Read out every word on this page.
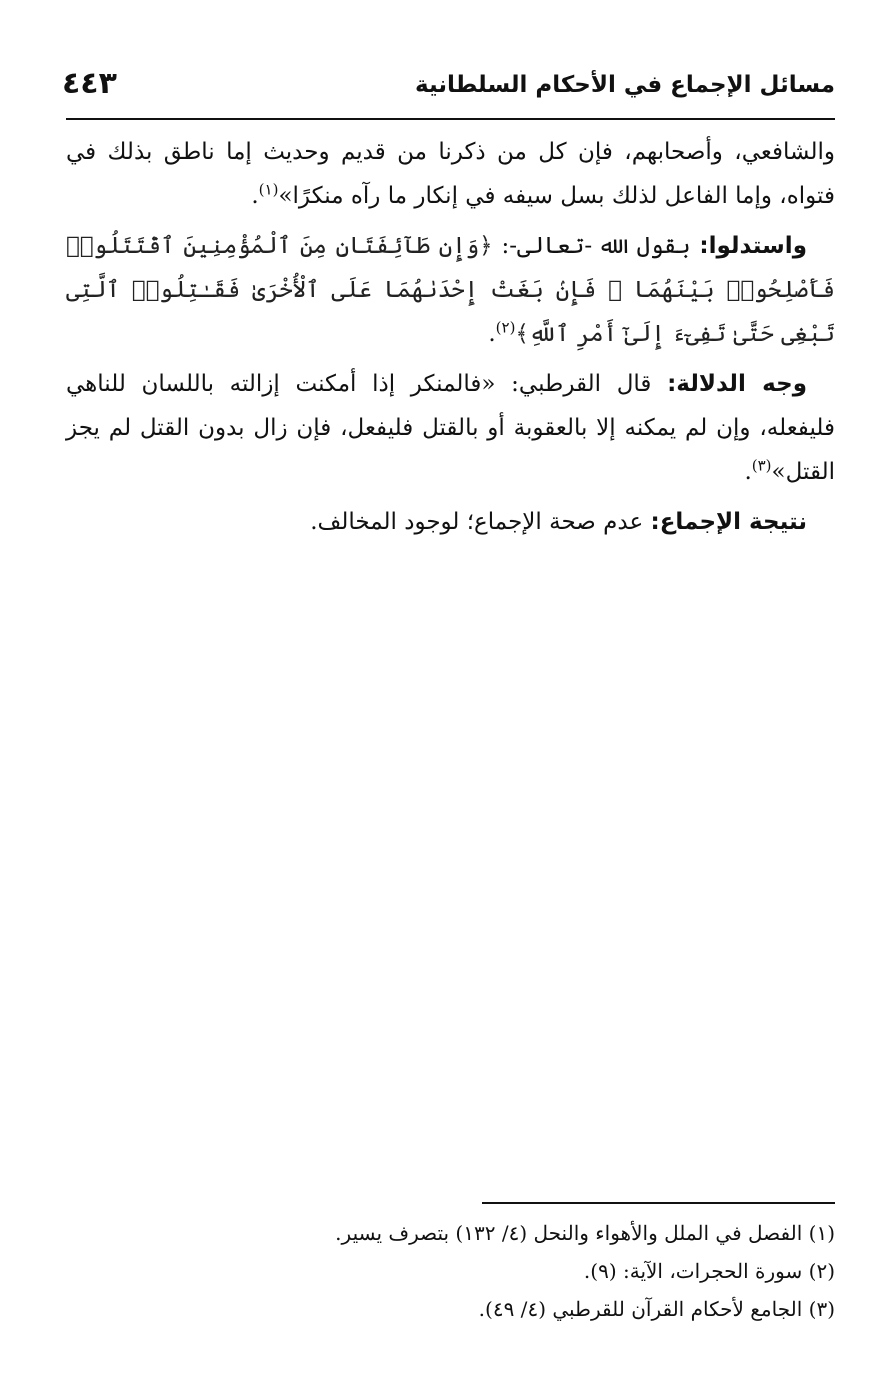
مسائل الإجماع في الأحكام السلطانية
٤٤٣

والشافعي، وأصحابهم، فإن كل من ذكرنا من قديم وحديث إما ناطق بذلك في فتواه، وإما الفاعل لذلك بسل سيفه في إنكار ما رآه منكرًا»$^{(١)}$.

واستدلوا: بقول الله -تعالى-: ﴿وَإِن طَآئِفَتَانِ مِنَ ٱلْمُؤْمِنِينَ ٱقْتَتَلُوا۟ فَأَصْلِحُوا۟ بَيْنَهُمَا ۖ فَإِنۢ بَغَتْ إِحْدَىٰهُمَا عَلَى ٱلْأُخْرَىٰ فَقَـٰتِلُوا۟ ٱلَّتِى تَبْغِى حَتَّىٰ تَفِىٓءَ إِلَىٰٓ أَمْرِ ٱللَّهِ﴾$^{(٢)}$.

وجه الدلالة: قال القرطبي: «فالمنكر إذا أمكنت إزالته باللسان للناهي فليفعله، وإن لم يمكنه إلا بالعقوبة أو بالقتل فليفعل، فإن زال بدون القتل لم يجز القتل»$^{(٣)}$.

نتيجة الإجماع: عدم صحة الإجماع؛ لوجود المخالف.

(١) الفصل في الملل والأهواء والنحل (٤/ ١٣٢) بتصرف يسير.

(٢) سورة الحجرات، الآية: (٩).

(٣) الجامع لأحكام القرآن للقرطبي (٤/ ٤٩).
